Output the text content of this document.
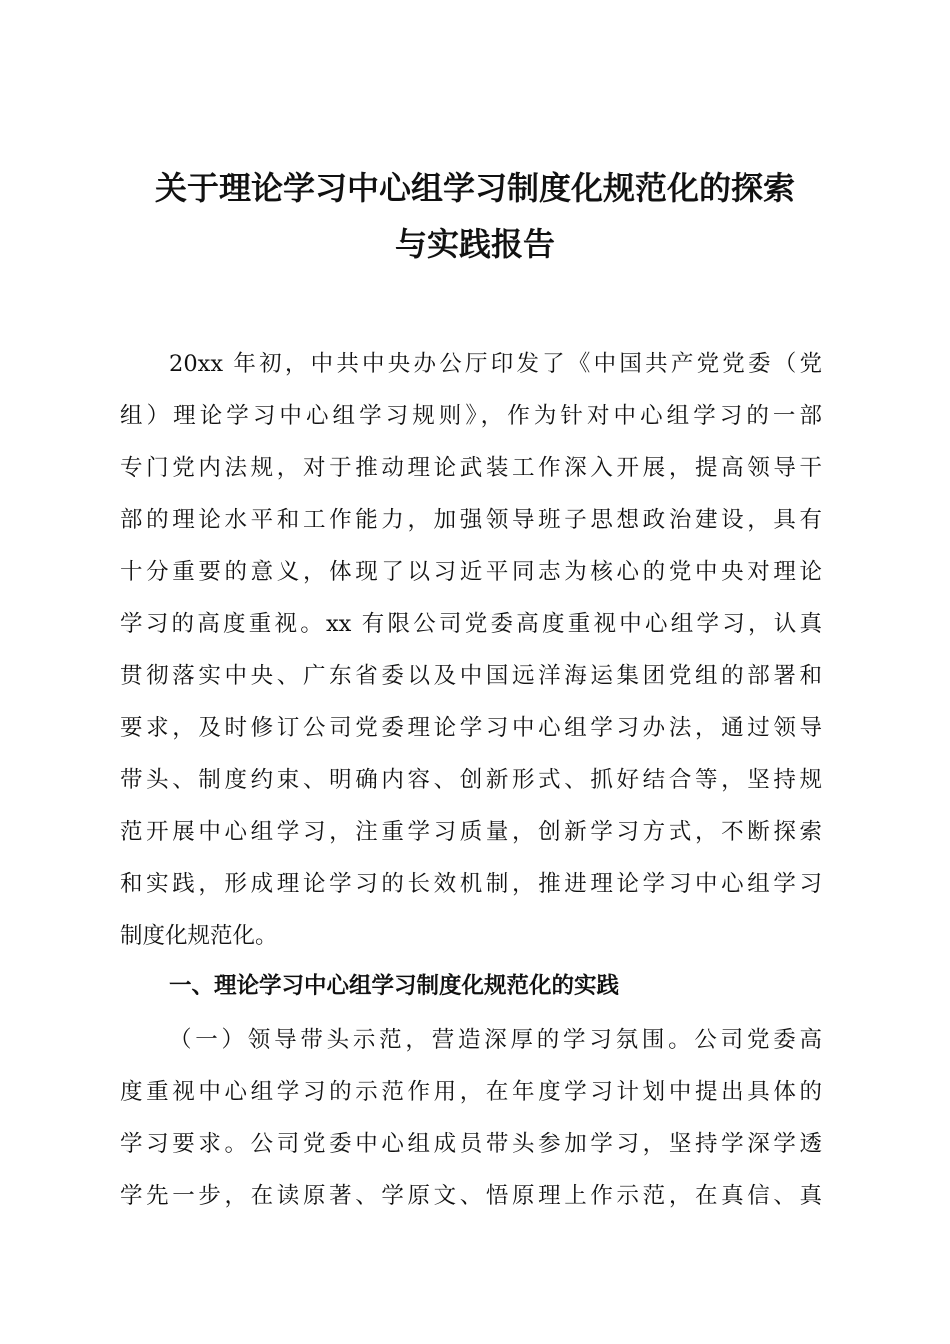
关于理论学习中心组学习制度化规范化的探索
与实践报告
20xx 年初，中共中央办公厅印发了《中国共产党党委（党
组）理论学习中心组学习规则》，作为针对中心组学习的一部
专门党内法规，对于推动理论武装工作深入开展，提高领导干
部的理论水平和工作能力，加强领导班子思想政治建设，具有
十分重要的意义，体现了以习近平同志为核心的党中央对理论
学习的高度重视。xx 有限公司党委高度重视中心组学习，认真
贯彻落实中央、广东省委以及中国远洋海运集团党组的部署和
要求，及时修订公司党委理论学习中心组学习办法，通过领导
带头、制度约束、明确内容、创新形式、抓好结合等，坚持规
范开展中心组学习，注重学习质量，创新学习方式，不断探索
和实践，形成理论学习的长效机制，推进理论学习中心组学习
制度化规范化。
一、理论学习中心组学习制度化规范化的实践
（一）领导带头示范，营造深厚的学习氛围。公司党委高
度重视中心组学习的示范作用，在年度学习计划中提出具体的
学习要求。公司党委中心组成员带头参加学习，坚持学深学透
学先一步，在读原著、学原文、悟原理上作示范，在真信、真
